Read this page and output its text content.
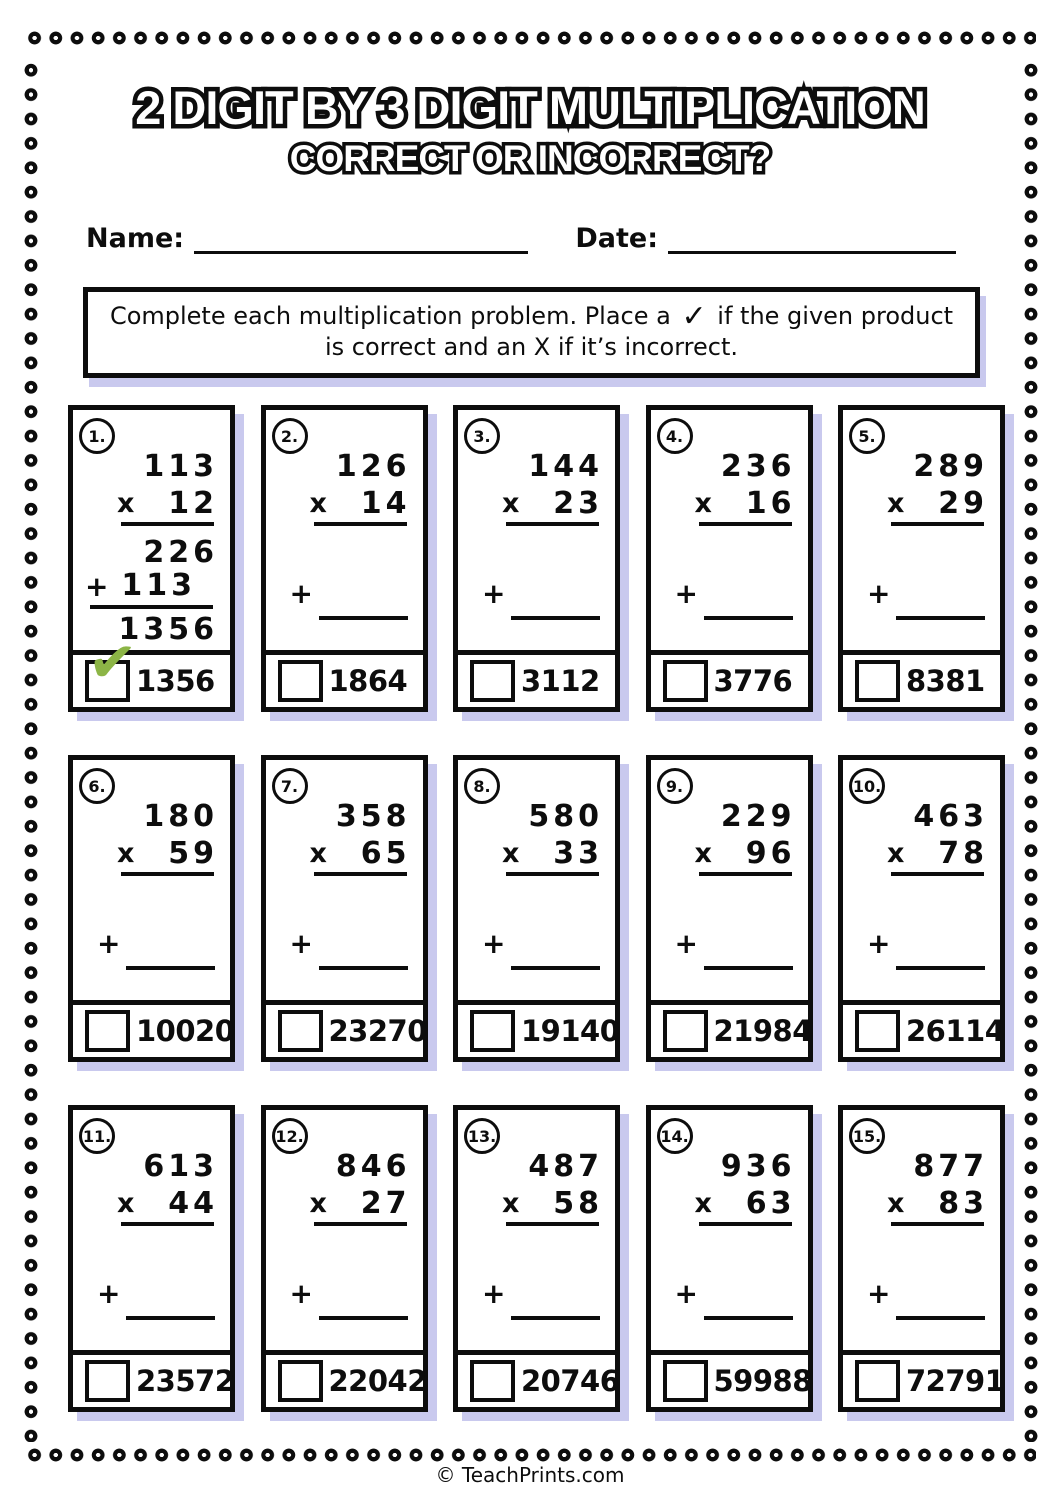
2 DIGIT BY 3 DIGIT MULTIPLICATION 2 DIGIT BY 3 DIGIT MULTIPLICATION
CORRECT OR INCORRECT? CORRECT OR INCORRECT?
Name:	Date:
Complete each multiplication problem. Place a ✓ if the given product
is correct and an X if it’s incorrect.
1.
113
x 12
226
+ 113
1356
✔
1356
2.
126
x 14
+
1864
3.
144
x 23
+
3112
4.
236
x 16
+
3776
5.
289
x 29
+
8381
6.
180
x 59
+
10020
7.
358
x 65
+
23270
8.
580
x 33
+
19140
9.
229
x 96
+
21984
10.
463
x 78
+
26114
11.
613
x 44
+
23572
12.
846
x 27
+
22042
13.
487
x 58
+
20746
14.
936
x 63
+
59988
15.
877
x 83
+
72791
© TeachPrints.com
